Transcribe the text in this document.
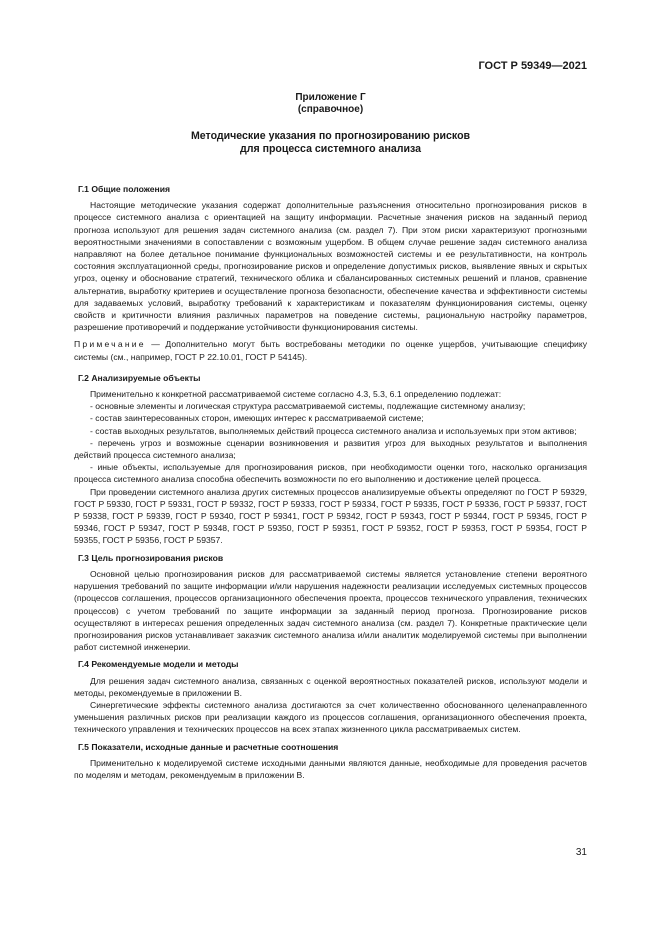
ГОСТ Р 59349—2021
Приложение Г
(справочное)
Методические указания по прогнозированию рисков
для процесса системного анализа
Г.1 Общие положения

Настоящие методические указания содержат дополнительные разъяснения относительно прогнозирования рисков в процессе системного анализа с ориентацией на защиту информации. Расчетные значения рисков на заданный период прогноза используют для решения задач системного анализа (см. раздел 7). При этом риски характеризуют прогнозными вероятностными значениями в сопоставлении с возможным ущербом. В общем случае решение задач системного анализа направляют на более детальное понимание функциональных возможностей системы и ее результативности, на контроль состояния эксплуатационной среды, прогнозирование рисков и определение допустимых рисков, выявление явных и скрытых угроз, оценку и обоснование стратегий, технического облика и сбалансированных системных решений и планов, сравнение альтернатив, выработку критериев и осуществление прогноза безопасности, обеспечение качества и эффективности системы для задаваемых условий, выработку требований к характеристикам и показателям функционирования системы, оценку свойств и критичности влияния различных параметров на поведение системы, рациональную настройку параметров, разрешение противоречий и поддержание устойчивости функционирования системы.

Примечание — Дополнительно могут быть востребованы методики по оценке ущербов, учитывающие специфику системы (см., например, ГОСТ Р 22.10.01, ГОСТ Р 54145).

Г.2 Анализируемые объекты

Применительно к конкретной рассматриваемой системе согласно 4.3, 5.3, 6.1 определению подлежат:

- основные элементы и логическая структура рассматриваемой системы, подлежащие системному анализу;

- состав заинтересованных сторон, имеющих интерес к рассматриваемой системе;

- состав выходных результатов, выполняемых действий процесса системного анализа и используемых при этом активов;

- перечень угроз и возможные сценарии возникновения и развития угроз для выходных результатов и выполнения действий процесса системного анализа;

- иные объекты, используемые для прогнозирования рисков, при необходимости оценки того, насколько организация процесса системного анализа способна обеспечить возможности по его выполнению и достижение целей процесса.

При проведении системного анализа других системных процессов анализируемые объекты определяют по ГОСТ Р 59329, ГОСТ Р 59330, ГОСТ Р 59331, ГОСТ Р 59332, ГОСТ Р 59333, ГОСТ Р 59334, ГОСТ Р 59335, ГОСТ Р 59336, ГОСТ Р 59337, ГОСТ Р 59338, ГОСТ Р 59339, ГОСТ Р 59340, ГОСТ Р 59341, ГОСТ Р 59342, ГОСТ Р 59343, ГОСТ Р 59344, ГОСТ Р 59345, ГОСТ Р 59346, ГОСТ Р 59347, ГОСТ Р 59348, ГОСТ Р 59350, ГОСТ Р 59351, ГОСТ Р 59352, ГОСТ Р 59353, ГОСТ Р 59354, ГОСТ Р 59355, ГОСТ Р 59356, ГОСТ Р 59357.

Г.3 Цель прогнозирования рисков

Основной целью прогнозирования рисков для рассматриваемой системы является установление степени вероятного нарушения требований по защите информации и/или нарушения надежности реализации исследуемых системных процессов (процессов соглашения, процессов организационного обеспечения проекта, процессов технического управления, технических процессов) с учетом требований по защите информации за заданный период прогноза. Прогнозирование рисков осуществляют в интересах решения определенных задач системного анализа (см. раздел 7). Конкретные практические цели прогнозирования рисков устанавливает заказчик системного анализа и/или аналитик моделируемой системы при выполнении работ системной инженерии.

Г.4 Рекомендуемые модели и методы

Для решения задач системного анализа, связанных с оценкой вероятностных показателей рисков, используют модели и методы, рекомендуемые в приложении В.

Синергетические эффекты системного анализа достигаются за счет количественно обоснованного целенаправленного уменьшения различных рисков при реализации каждого из процессов соглашения, организационного обеспечения проекта, технического управления и технических процессов на всех этапах жизненного цикла рассматриваемых систем.

Г.5 Показатели, исходные данные и расчетные соотношения

Применительно к моделируемой системе исходными данными являются данные, необходимые для проведения расчетов по моделям и методам, рекомендуемым в приложении В.

31
